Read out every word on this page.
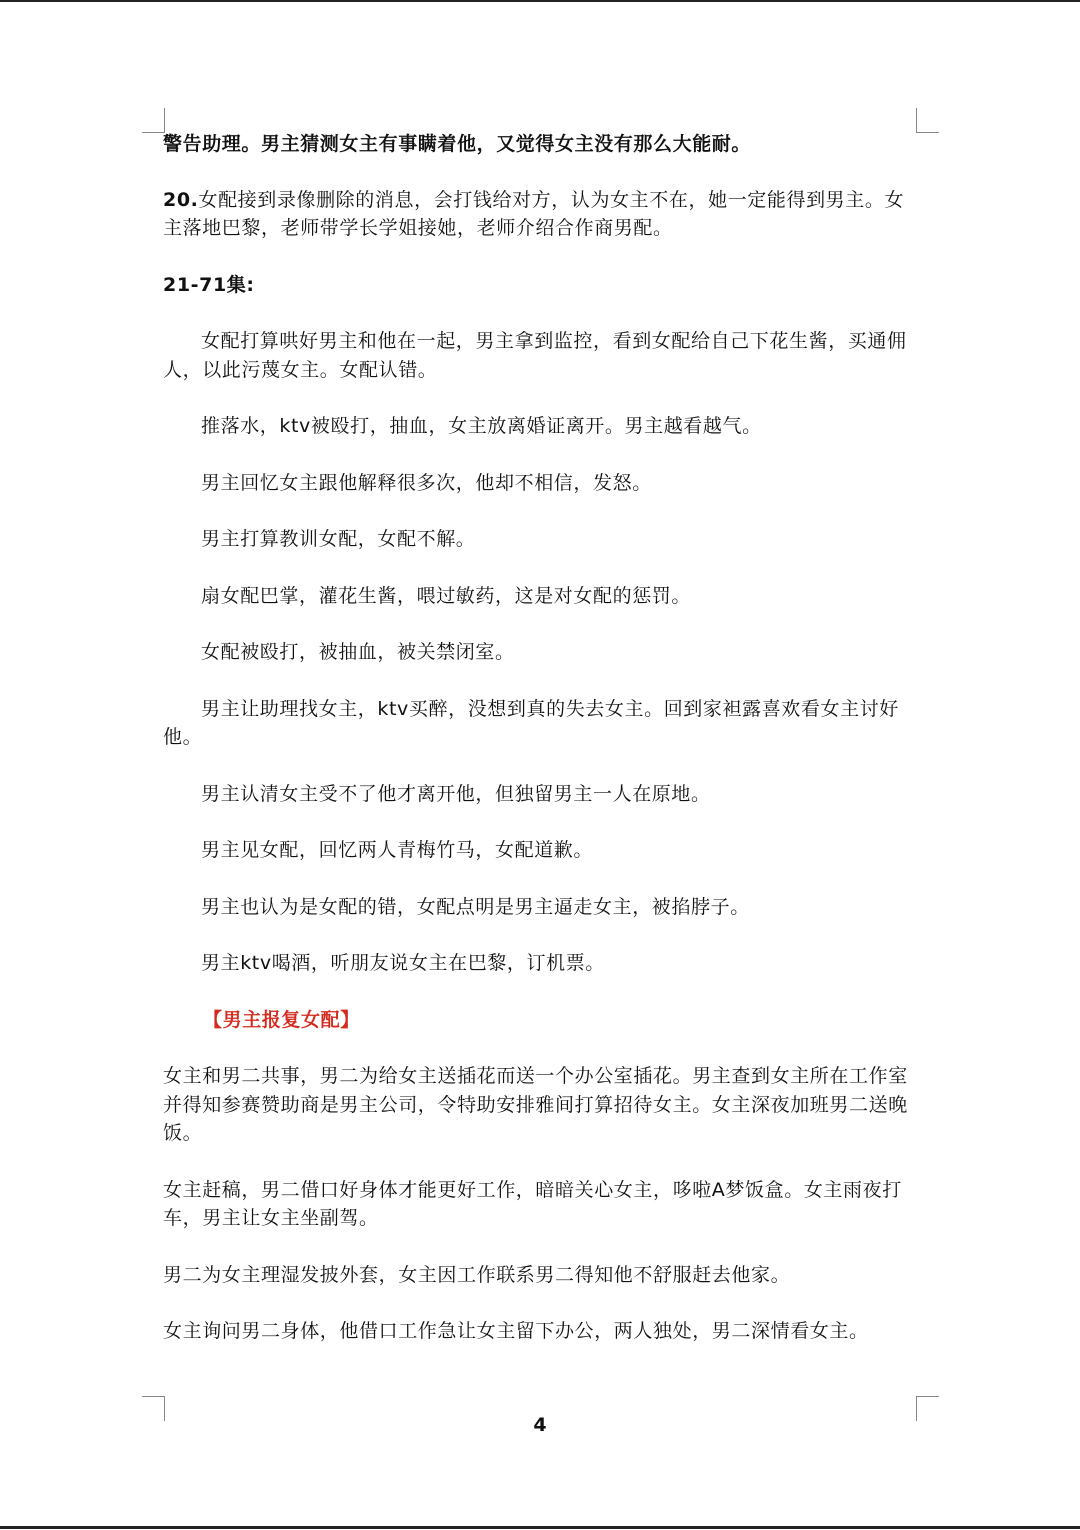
警告助理。男主猜测女主有事瞒着他，又觉得女主没有那么大能耐。

20.女配接到录像删除的消息，会打钱给对方，认为女主不在，她一定能得到男主。女主落地巴黎，老师带学长学姐接她，老师介绍合作商男配。

21-71集:

女配打算哄好男主和他在一起，男主拿到监控，看到女配给自己下花生酱，买通佣人，以此污蔑女主。女配认错。

推落水，ktv被殴打，抽血，女主放离婚证离开。男主越看越气。

男主回忆女主跟他解释很多次，他却不相信，发怒。

男主打算教训女配，女配不解。

扇女配巴掌，灌花生酱，喂过敏药，这是对女配的惩罚。

女配被殴打，被抽血，被关禁闭室。

男主让助理找女主，ktv买醉，没想到真的失去女主。回到家袒露喜欢看女主讨好他。

男主认清女主受不了他才离开他，但独留男主一人在原地。

男主见女配，回忆两人青梅竹马，女配道歉。

男主也认为是女配的错，女配点明是男主逼走女主，被掐脖子。

男主ktv喝酒，听朋友说女主在巴黎，订机票。

【男主报复女配】

女主和男二共事，男二为给女主送插花而送一个办公室插花。男主查到女主所在工作室并得知参赛赞助商是男主公司，令特助安排雅间打算招待女主。女主深夜加班男二送晚饭。

女主赶稿，男二借口好身体才能更好工作，暗暗关心女主，哆啦A梦饭盒。女主雨夜打车，男主让女主坐副驾。

男二为女主理湿发披外套，女主因工作联系男二得知他不舒服赶去他家。

女主询问男二身体，他借口工作急让女主留下办公，两人独处，男二深情看女主。

4
